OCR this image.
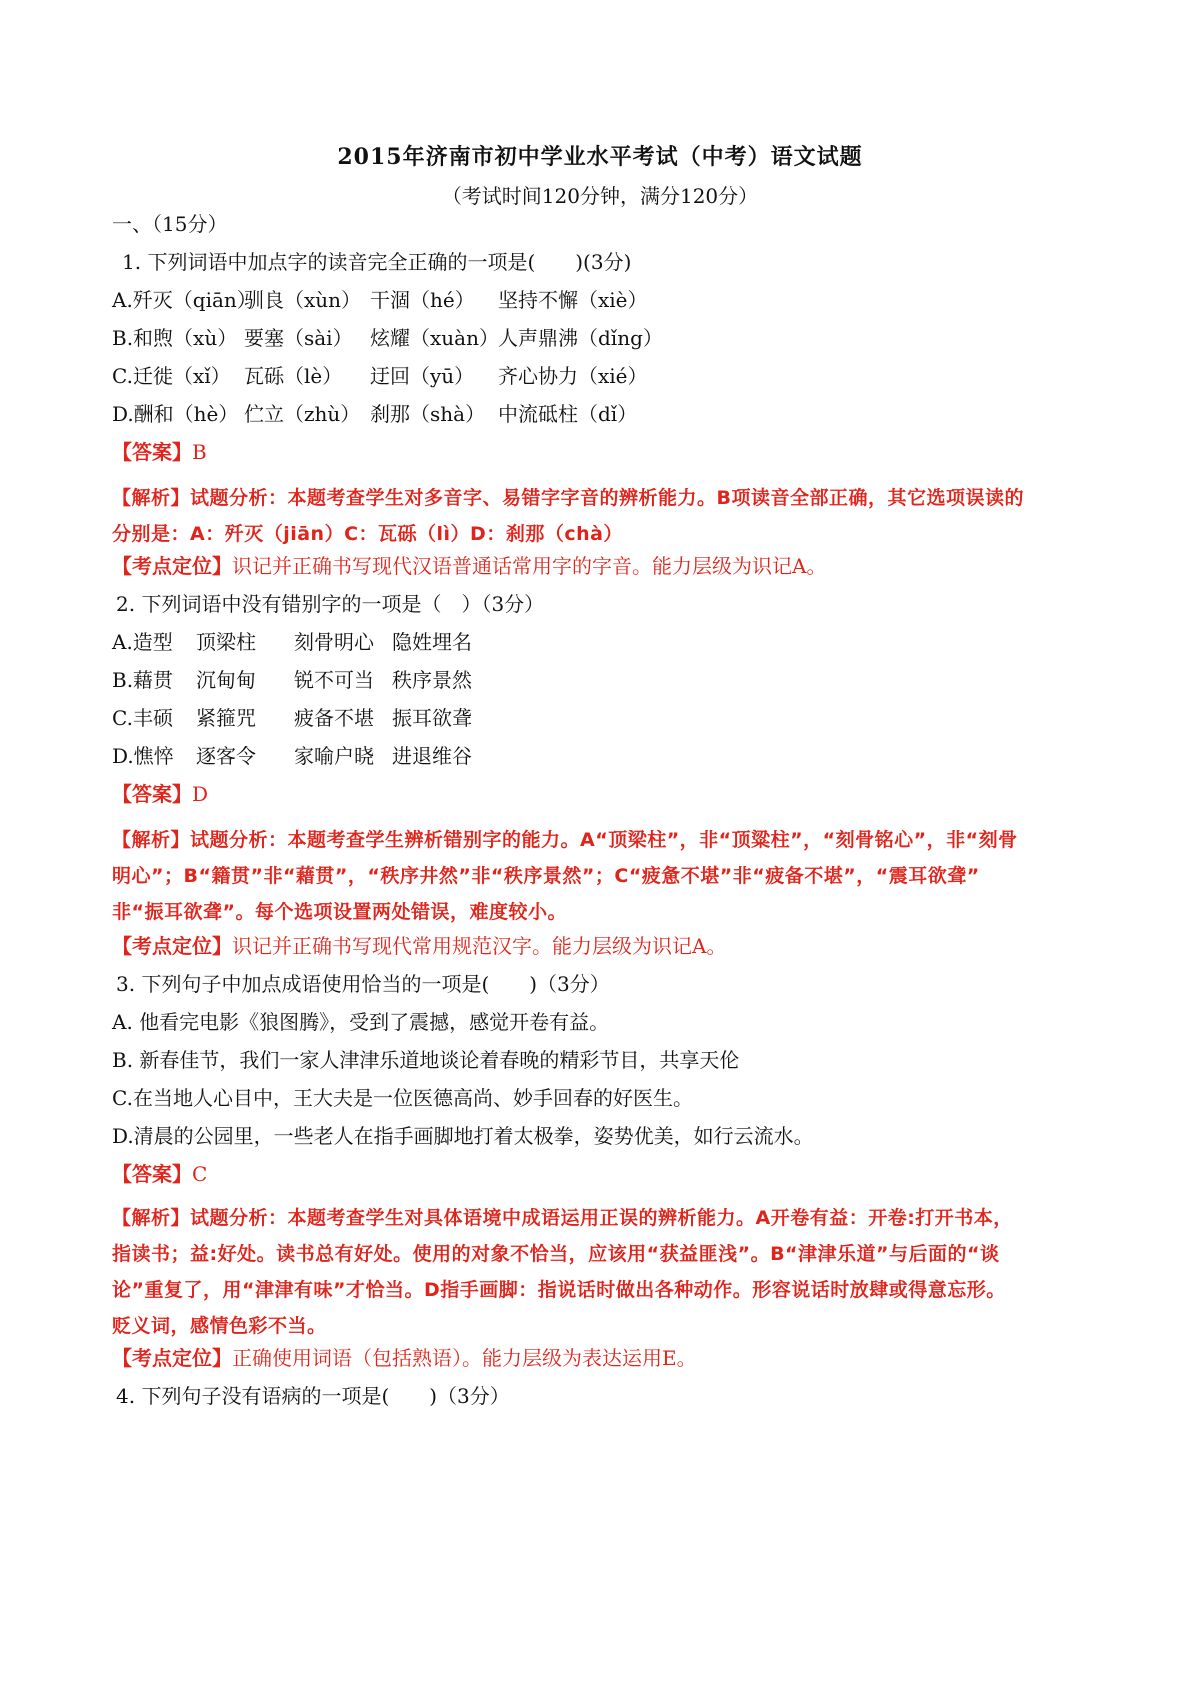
2015年济南市初中学业水平考试（中考）语文试题
（考试时间120分钟，满分120分）
一、（15分）
1. 下列词语中加点字的读音完全正确的一项是(　　)(3分)
A.歼灭（qiān）驯良（xùn） 干涸（hé） 坚持不懈（xiè）
B.和煦（xù） 要塞（sài） 炫耀（xuàn）人声鼎沸（dǐng）
C.迁徙（xǐ） 瓦砾（lè） 迂回（yū） 齐心协力（xié）
D.酬和（hè） 伫立（zhù） 刹那（shà） 中流砥柱（dǐ）
【答案】B
【解析】试题分析：本题考查学生对多音字、易错字字音的辨析能力。B项读音全部正确，其它选项误读的
分别是：A：歼灭（jiān）C：瓦砾（lì）D：刹那（chà）
【考点定位】识记并正确书写现代汉语普通话常用字的字音。能力层级为识记A。
2. 下列词语中没有错别字的一项是（　）（3分）
A.造型 顶梁柱 刻骨明心 隐姓埋名
B.藉贯 沉甸甸 锐不可当 秩序景然
C.丰硕 紧箍咒 疲备不堪 振耳欲聋
D.憔悴 逐客令 家喻户晓 进退维谷
【答案】D
【解析】试题分析：本题考查学生辨析错别字的能力。A“顶梁柱”，非“顶粱柱”，“刻骨铭心”，非“刻骨
明心”；B“籍贯”非“藉贯”，“秩序井然”非“秩序景然”；C“疲惫不堪”非“疲备不堪”，“震耳欲聋”
非“振耳欲聋”。每个选项设置两处错误，难度较小。
【考点定位】识记并正确书写现代常用规范汉字。能力层级为识记A。
3. 下列句子中加点成语使用恰当的一项是(　　)（3分）
A. 他看完电影《狼图腾》，受到了震撼，感觉开卷有益。
B. 新春佳节，我们一家人津津乐道地谈论着春晚的精彩节目，共享天伦
C.在当地人心目中，王大夫是一位医德高尚、妙手回春的好医生。
D.清晨的公园里，一些老人在指手画脚地打着太极拳，姿势优美，如行云流水。
【答案】C
【解析】试题分析：本题考查学生对具体语境中成语运用正误的辨析能力。A开卷有益：开卷:打开书本，
指读书；益:好处。读书总有好处。使用的对象不恰当，应该用“获益匪浅”。B“津津乐道”与后面的“谈
论”重复了，用“津津有味”才恰当。D指手画脚：指说话时做出各种动作。形容说话时放肆或得意忘形。
贬义词，感情色彩不当。
【考点定位】正确使用词语（包括熟语）。能力层级为表达运用E。
4. 下列句子没有语病的一项是(　　)（3分）
